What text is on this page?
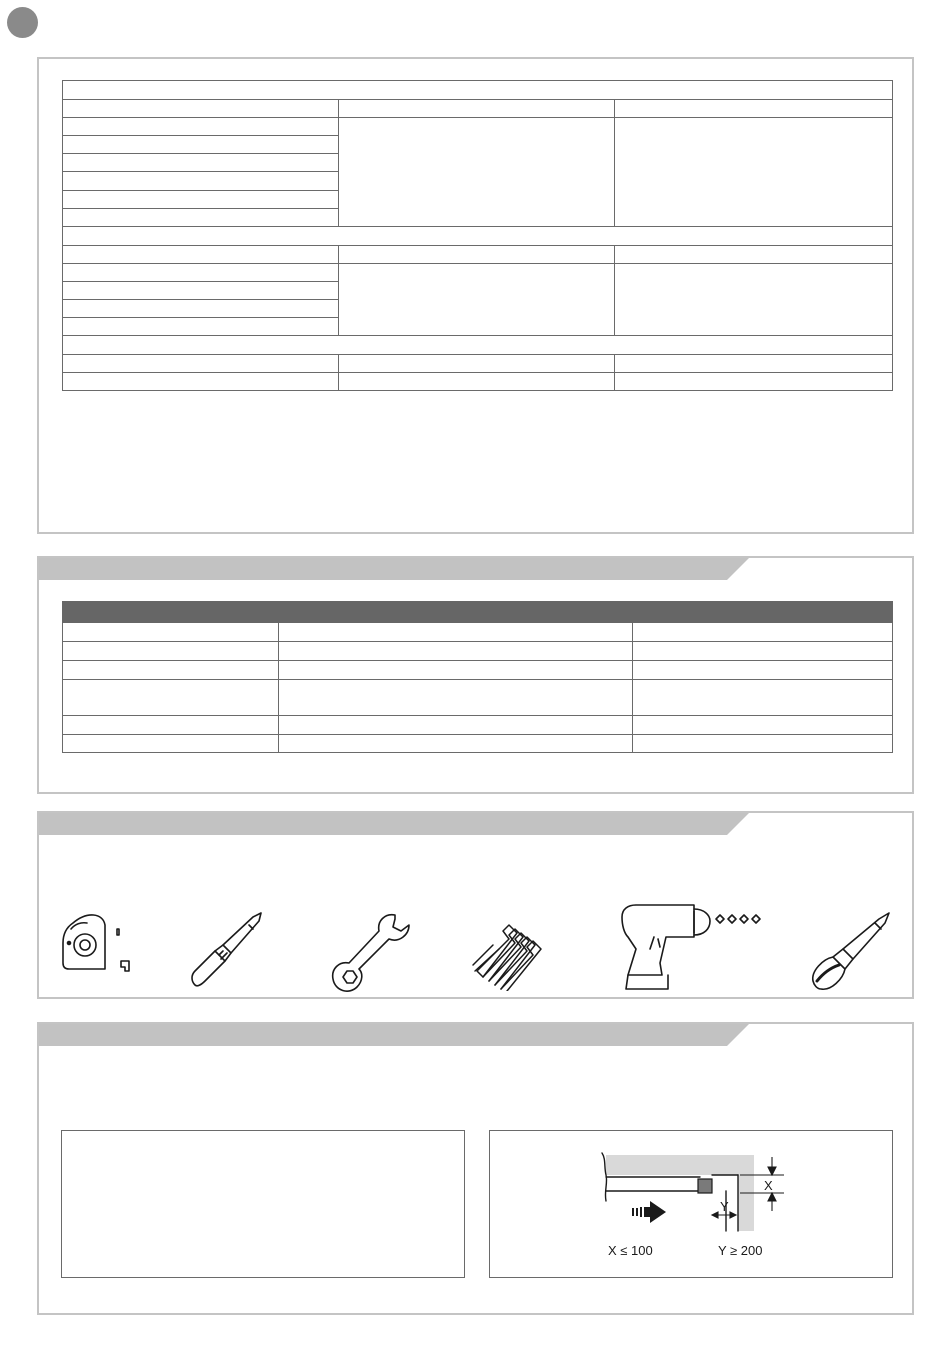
X
Y
X ≤ 100	Y ≥ 200
